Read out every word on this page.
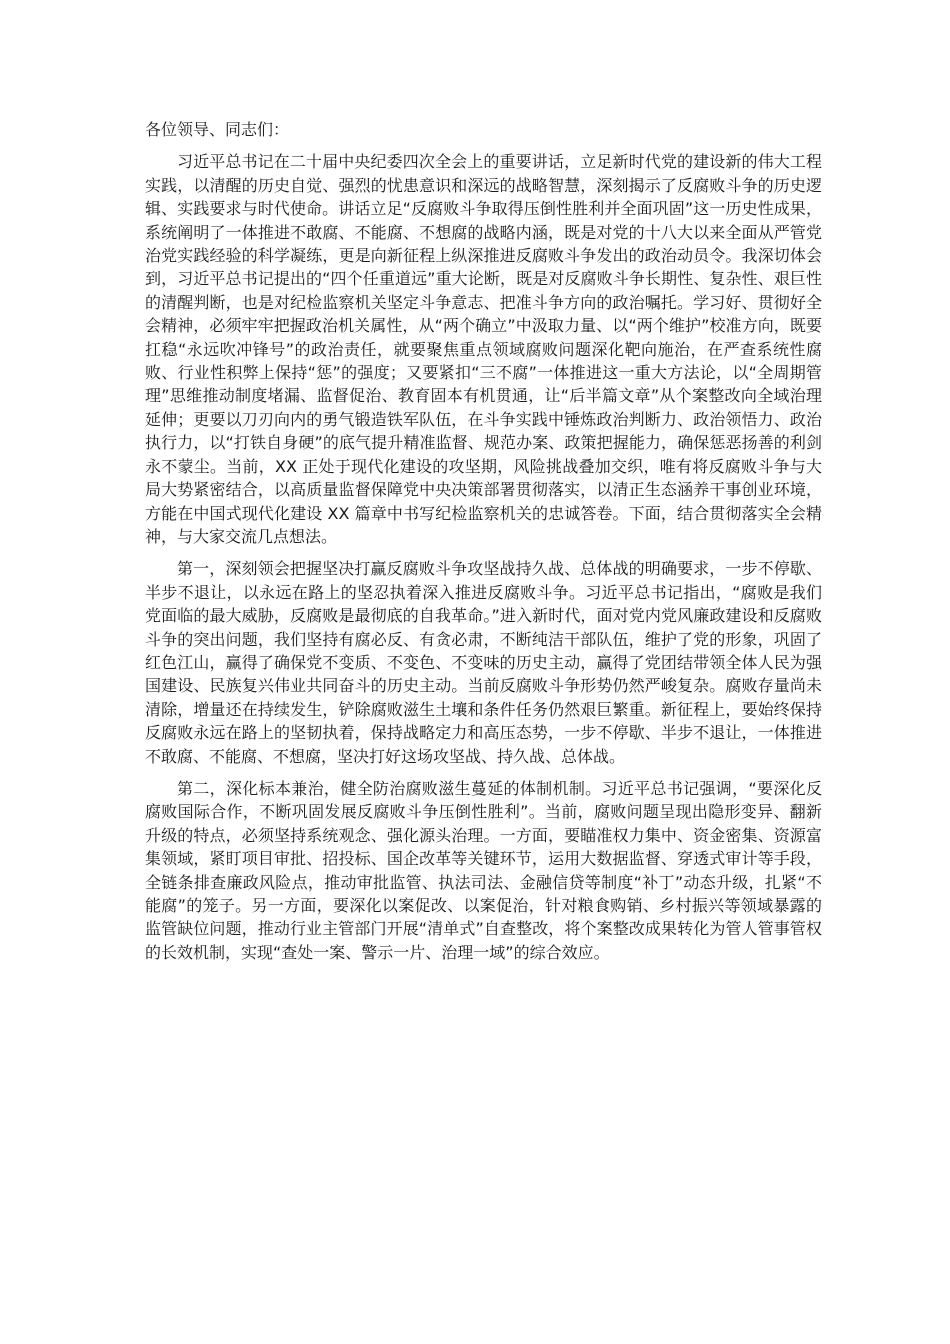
各位领导、同志们：

习近平总书记在二十届中央纪委四次全会上的重要讲话，立足新时代党的建设新的伟大工程实践，以清醒的历史自觉、强烈的忧患意识和深远的战略智慧，深刻揭示了反腐败斗争的历史逻辑、实践要求与时代使命。讲话立足“反腐败斗争取得压倒性胜利并全面巩固”这一历史性成果，系统阐明了一体推进不敢腐、不能腐、不想腐的战略内涵，既是对党的十八大以来全面从严管党治党实践经验的科学凝练，更是向新征程上纵深推进反腐败斗争发出的政治动员令。我深切体会到，习近平总书记提出的“四个任重道远”重大论断，既是对反腐败斗争长期性、复杂性、艰巨性的清醒判断，也是对纪检监察机关坚定斗争意志、把准斗争方向的政治嘱托。学习好、贯彻好全会精神，必须牢牢把握政治机关属性，从“两个确立”中汲取力量、以“两个维护”校准方向，既要扛稳“永远吹冲锋号”的政治责任，就要聚焦重点领域腐败问题深化靶向施治，在严查系统性腐败、行业性积弊上保持“惩”的强度；又要紧扣“三不腐”一体推进这一重大方法论，以“全周期管理”思维推动制度堵漏、监督促治、教育固本有机贯通，让“后半篇文章”从个案整改向全域治理延伸；更要以刀刃向内的勇气锻造铁军队伍，在斗争实践中锤炼政治判断力、政治领悟力、政治执行力，以“打铁自身硬”的底气提升精准监督、规范办案、政策把握能力，确保惩恶扬善的利剑永不蒙尘。当前，XX 正处于现代化建设的攻坚期，风险挑战叠加交织，唯有将反腐败斗争与大局大势紧密结合，以高质量监督保障党中央决策部署贯彻落实，以清正生态涵养干事创业环境，方能在中国式现代化建设 XX 篇章中书写纪检监察机关的忠诚答卷。下面，结合贯彻落实全会精神，与大家交流几点想法。

第一，深刻领会把握坚决打赢反腐败斗争攻坚战持久战、总体战的明确要求，一步不停歇、半步不退让，以永远在路上的坚忍执着深入推进反腐败斗争。习近平总书记指出，“腐败是我们党面临的最大威胁，反腐败是最彻底的自我革命。”进入新时代，面对党内党风廉政建设和反腐败斗争的突出问题，我们坚持有腐必反、有贪必肃，不断纯洁干部队伍，维护了党的形象，巩固了红色江山，赢得了确保党不变质、不变色、不变味的历史主动，赢得了党团结带领全体人民为强国建设、民族复兴伟业共同奋斗的历史主动。当前反腐败斗争形势仍然严峻复杂。腐败存量尚未清除，增量还在持续发生，铲除腐败滋生土壤和条件任务仍然艰巨繁重。新征程上，要始终保持反腐败永远在路上的坚韧执着，保持战略定力和高压态势，一步不停歇、半步不退让，一体推进不敢腐、不能腐、不想腐，坚决打好这场攻坚战、持久战、总体战。

第二，深化标本兼治，健全防治腐败滋生蔓延的体制机制。习近平总书记强调，“要深化反腐败国际合作，不断巩固发展反腐败斗争压倒性胜利”。当前，腐败问题呈现出隐形变异、翻新升级的特点，必须坚持系统观念、强化源头治理。一方面，要瞄准权力集中、资金密集、资源富集领域，紧盯项目审批、招投标、国企改革等关键环节，运用大数据监督、穿透式审计等手段，全链条排查廉政风险点，推动审批监管、执法司法、金融信贷等制度“补丁”动态升级，扎紧“不能腐”的笼子。另一方面，要深化以案促改、以案促治，针对粮食购销、乡村振兴等领域暴露的监管缺位问题，推动行业主管部门开展“清单式”自查整改，将个案整改成果转化为管人管事管权的长效机制，实现“查处一案、警示一片、治理一域”的综合效应。
